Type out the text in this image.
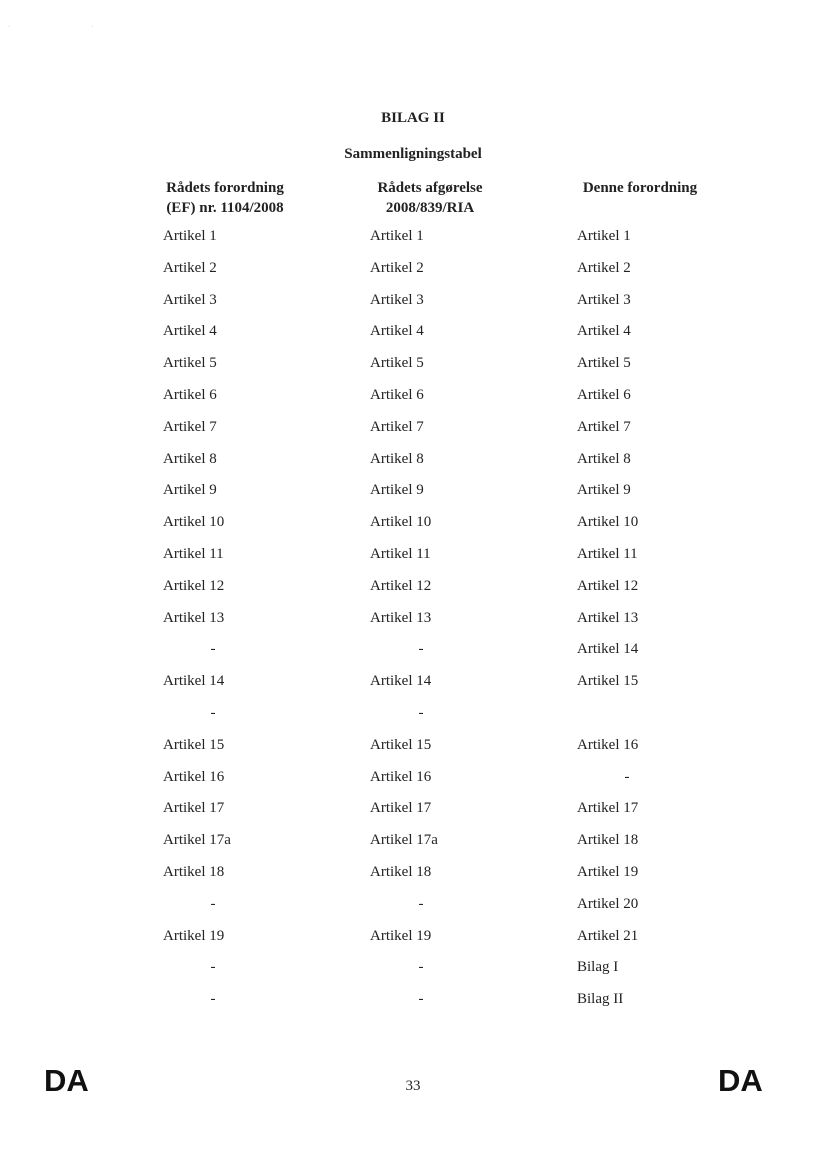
· ·
BILAG II
Sammenligningstabel
Rådets forordning
(EF) nr. 1104/2008
Rådets afgørelse
2008/839/RIA
Denne forordning
Artikel 1	Artikel 1	Artikel 1
Artikel 2	Artikel 2	Artikel 2
Artikel 3	Artikel 3	Artikel 3
Artikel 4	Artikel 4	Artikel 4
Artikel 5	Artikel 5	Artikel 5
Artikel 6	Artikel 6	Artikel 6
Artikel 7	Artikel 7	Artikel 7
Artikel 8	Artikel 8	Artikel 8
Artikel 9	Artikel 9	Artikel 9
Artikel 10	Artikel 10	Artikel 10
Artikel 11	Artikel 11	Artikel 11
Artikel 12	Artikel 12	Artikel 12
Artikel 13	Artikel 13	Artikel 13
-	-	Artikel 14
Artikel 14	Artikel 14	Artikel 15
-	-
Artikel 15	Artikel 15	Artikel 16
Artikel 16	Artikel 16	-
Artikel 17	Artikel 17	Artikel 17
Artikel 17a	Artikel 17a	Artikel 18
Artikel 18	Artikel 18	Artikel 19
-	-	Artikel 20
Artikel 19	Artikel 19	Artikel 21
-	-	Bilag I
-	-	Bilag II
DA	33	DA
